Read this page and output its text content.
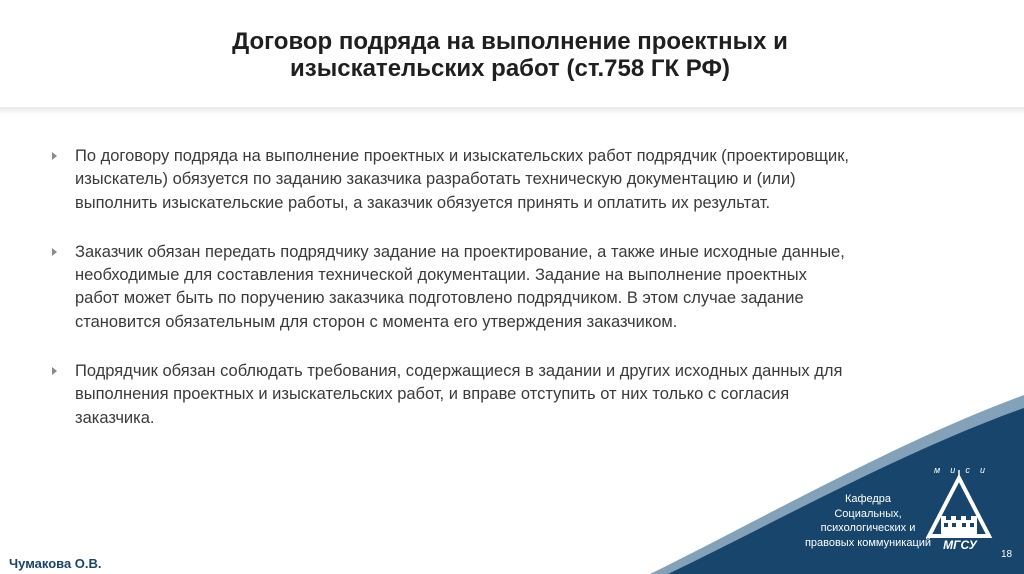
Договор подряда на выполнение проектных и
изыскательских работ (ст.758 ГК РФ)
По договору подряда на выполнение проектных и изыскательских работ подрядчик (проектировщик, изыскатель) обязуется по заданию заказчика разработать техническую документацию и (или) выполнить изыскательские работы, а заказчик обязуется принять и оплатить их результат.
Заказчик обязан передать подрядчику задание на проектирование, а также иные исходные данные, необходимые для составления технической документации. Задание на выполнение проектных работ может быть по поручению заказчика подготовлено подрядчиком. В этом случае задание становится обязательным для сторон с момента его утверждения заказчиком.
Подрядчик обязан соблюдать требования, содержащиеся в задании и других исходных данных для выполнения проектных и изыскательских работ, и вправе отступить от них только с согласия заказчика.
Кафедра
Социальных,
психологических и
правовых коммуникаций
м и с и
МГСУ
18
Чумакова О.В.
